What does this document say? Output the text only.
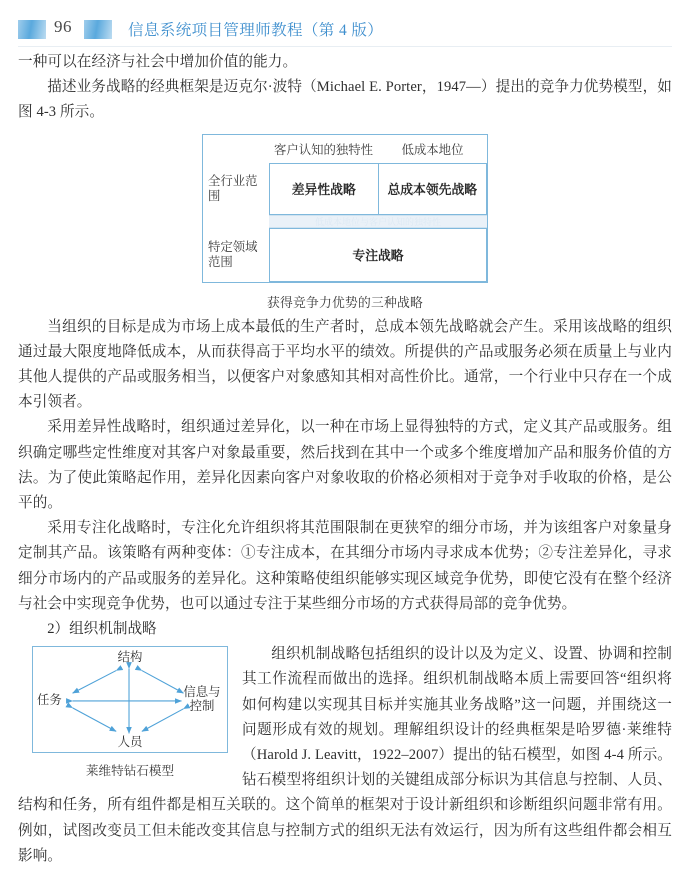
96	信息系统项目管理师教程（第 4 版）

一种可以在经济与社会中增加价值的能力。

描述业务战略的经典框架是迈克尔·波特（Michael E. Porter，1947—）提出的竞争力优势模型，如图 4-3 所示。

客户认知的独特性	低成本地位
全行业范围	差异性战略	总成本领先战略
低成本地位与客户认知的独特性
特定领域范围	专注战略
获得竞争力优势的三种战略

当组织的目标是成为市场上成本最低的生产者时，总成本领先战略就会产生。采用该战略的组织通过最大限度地降低成本，从而获得高于平均水平的绩效。所提供的产品或服务必须在质量上与业内其他人提供的产品或服务相当，以便客户对象感知其相对高性价比。通常，一个行业中只存在一个成本引领者。

采用差异性战略时，组织通过差异化，以一种在市场上显得独特的方式，定义其产品或服务。组织确定哪些定性维度对其客户对象最重要，然后找到在其中一个或多个维度增加产品和服务价值的方法。为了使此策略起作用，差异化因素向客户对象收取的价格必须相对于竞争对手收取的价格，是公平的。

采用专注化战略时，专注化允许组织将其范围限制在更狭窄的细分市场，并为该组客户对象量身定制其产品。该策略有两种变体：①专注成本，在其细分市场内寻求成本优势；②专注差异化，寻求细分市场内的产品或服务的差异化。这种策略使组织能够实现区域竞争优势，即使它没有在整个经济与社会中实现竞争优势，也可以通过专注于某些细分市场的方式获得局部的竞争优势。

2）组织机制战略

结构
任务
信息与
控制
人员
莱维特钻石模型

组织机制战略包括组织的设计以及为定义、设置、协调和控制其工作流程而做出的选择。组织机制战略本质上需要回答“组织将如何构建以实现其目标并实施其业务战略”这一问题，并围绕这一问题形成有效的规划。理解组织设计的经典框架是哈罗德·莱维特（Harold J. Leavitt，1922–2007）提出的钻石模型，如图 4-4 所示。钻石模型将组织计划的关键组成部分标识为其信息与控制、人员、结构和任务，所有组件都是相互关联的。这个简单的框架对于设计新组织和诊断组织问题非常有用。例如，试图改变员工但未能改变其信息与控制方式的组织无法有效运行，因为所有这些组件都会相互影响。
